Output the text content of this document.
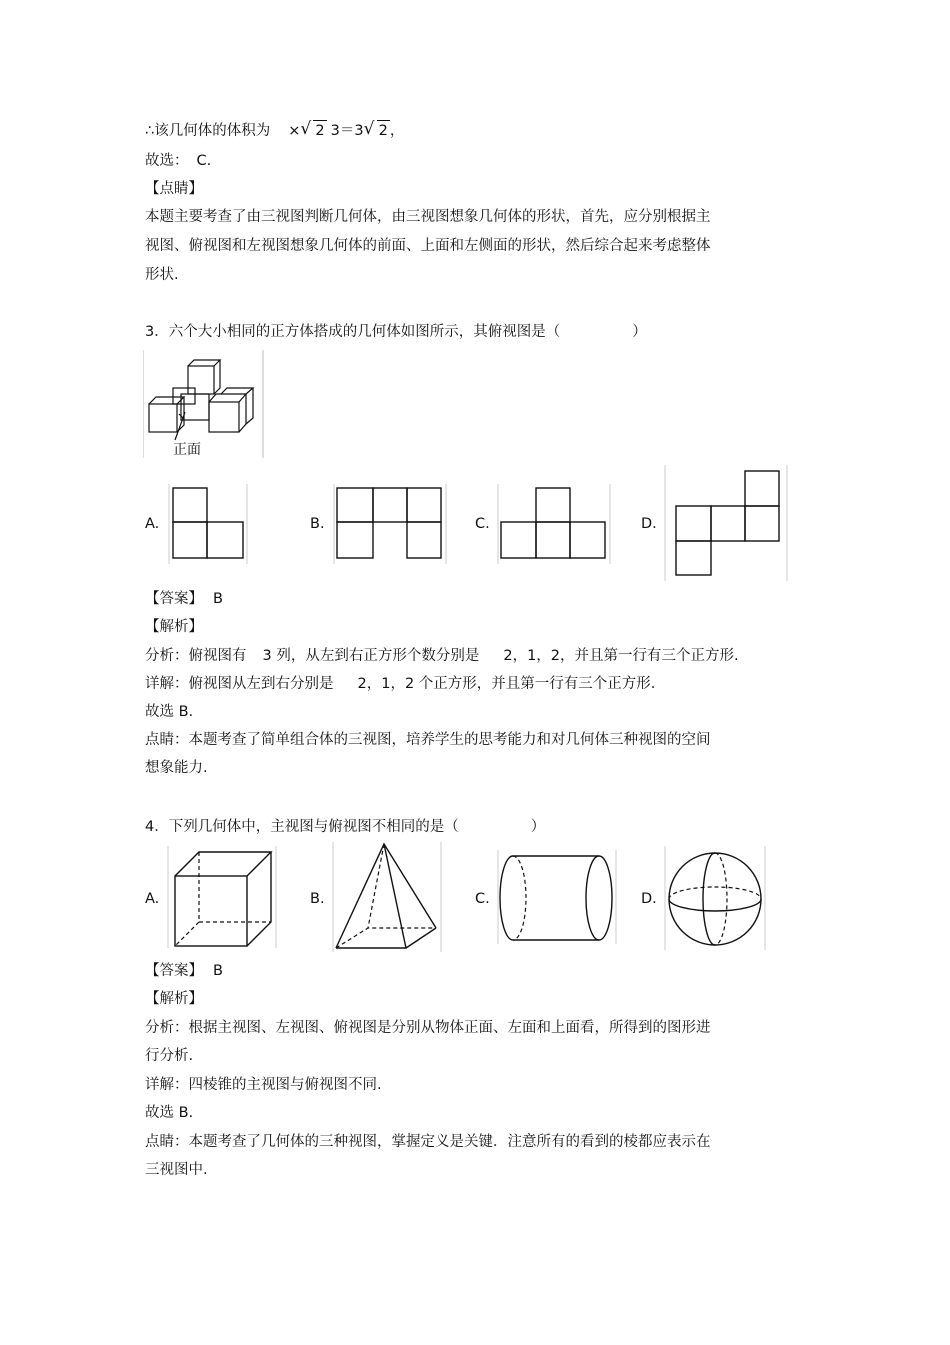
∴该几何体的体积为 × √ 2 3＝3 √ 2 ，
故选： C.
【点睛】
本题主要考查了由三视图判断几何体，由三视图想象几何体的形状，首先，应分别根据主
视图、俯视图和左视图想象几何体的前面、上面和左侧面的形状，然后综合起来考虑整体
形状.
3．六个大小相同的正方体搭成的几何体如图所示，其俯视图是（	）
正面
A.	B.	C.	D.
【答案】 B
【解析】
分析：俯视图有 3 列，从左到右正方形个数分别是 2，1，2，并且第一行有三个正方形.
详解：俯视图从左到右分别是 2，1，2 个正方形，并且第一行有三个正方形.
故选 B.
点睛：本题考查了简单组合体的三视图，培养学生的思考能力和对几何体三种视图的空间
想象能力.
4．下列几何体中，主视图与俯视图不相同的是（	）
A.	B.	C.	D.
【答案】 B
【解析】
分析：根据主视图、左视图、俯视图是分别从物体正面、左面和上面看，所得到的图形进
行分析.
详解：四棱锥的主视图与俯视图不同.
故选 B.
点睛：本题考查了几何体的三种视图，掌握定义是关键．注意所有的看到的棱都应表示在
三视图中.
